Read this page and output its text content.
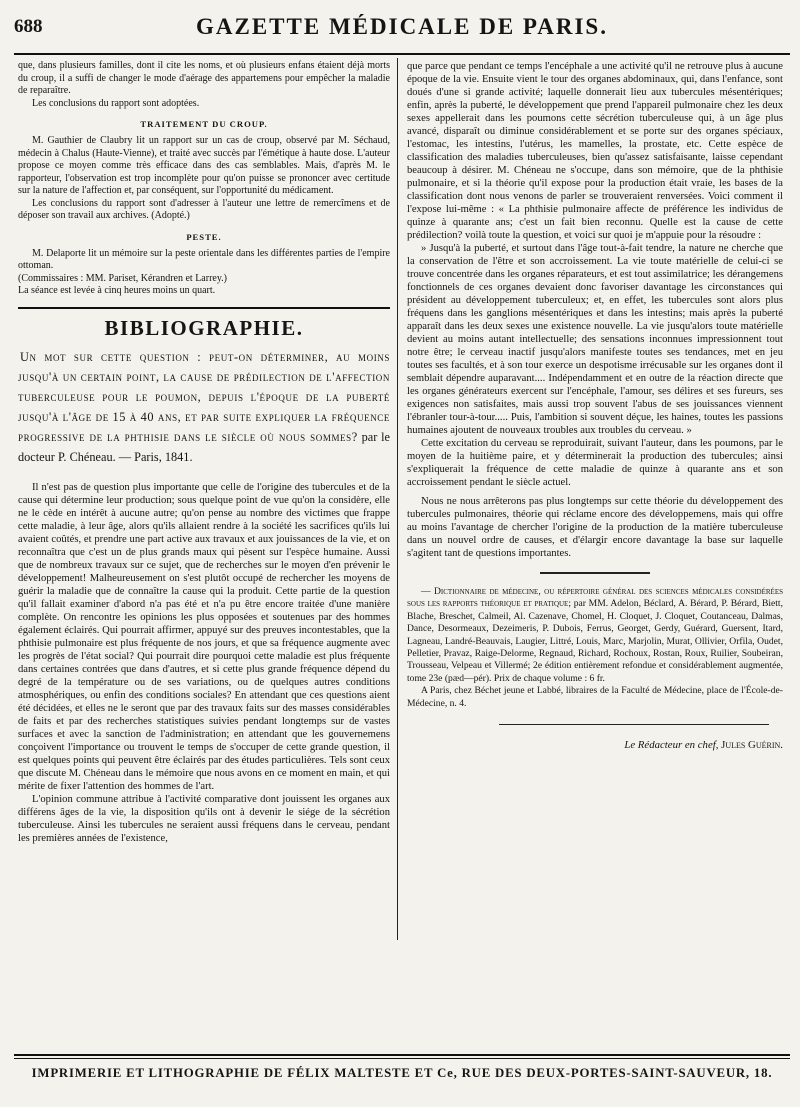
688	GAZETTE MÉDICALE DE PARIS.

que, dans plusieurs familles, dont il cite les noms, et où plusieurs enfans étaient déjà morts du croup, il a suffi de changer le mode d'aérage des appartemens pour empêcher la maladie de reparaître.

Les conclusions du rapport sont adoptées.

TRAITEMENT DU CROUP.

M. Gauthier de Claubry lit un rapport sur un cas de croup, observé par M. Séchaud, médecin à Chalus (Haute-Vienne), et traité avec succès par l'émétique à haute dose. L'auteur propose ce moyen comme très efficace dans des cas semblables. Mais, d'après M. le rapporteur, l'observation est trop incomplète pour qu'on puisse se prononcer avec certitude sur la nature de l'affection et, par conséquent, sur l'opportunité du médicament.

Les conclusions du rapport sont d'adresser à l'auteur une lettre de remercîmens et de déposer son travail aux archives. (Adopté.)

PESTE.

M. Delaporte lit un mémoire sur la peste orientale dans les différentes parties de l'empire ottoman.

(Commissaires : MM. Pariset, Kérandren et Larrey.)

La séance est levée à cinq heures moins un quart.

BIBLIOGRAPHIE.
Un mot sur cette question : peut-on déterminer, au moins jusqu'à un certain point, la cause de prédilection de l'affection tuberculeuse pour le poumon, depuis l'époque de la puberté jusqu'à l'âge de 15 à 40 ans, et par suite expliquer la fréquence progressive de la phthisie dans le siècle où nous sommes? par le docteur P. Chéneau. — Paris, 1841.

Il n'est pas de question plus importante que celle de l'origine des tubercules et de la cause qui détermine leur production; sous quelque point de vue qu'on la considère, elle ne le cède en intérêt à aucune autre; qu'on pense au nombre des victimes que frappe cette maladie, à leur âge, alors qu'ils allaient rendre à la société les sacrifices qu'ils lui avaient coûtés, et prendre une part active aux travaux et aux jouissances de la vie, et on reconnaîtra que c'est un de plus grands maux qui pèsent sur l'espèce humaine. Aussi que de nombreux travaux sur ce sujet, que de recherches sur le moyen d'en prévenir le développement! Malheureusement on s'est plutôt occupé de rechercher les moyens de guérir la maladie que de connaître la cause qui la produit. Cette partie de la question qu'il fallait examiner d'abord n'a pas été et n'a pu être encore traitée d'une manière complète. On rencontre les opinions les plus opposées et soutenues par des hommes également éclairés. Qui pourrait affirmer, appuyé sur des preuves incontestables, que la phthisie pulmonaire est plus fréquente de nos jours, et que sa fréquence augmente avec les progrès de l'état social? Qui pourrait dire pourquoi cette maladie est plus fréquente dans certaines contrées que dans d'autres, et si cette plus grande fréquence dépend du degré de la température ou de ses variations, ou de quelques autres conditions atmosphériques, ou enfin des conditions sociales? En attendant que ces questions aient été décidées, et elles ne le seront que par des travaux faits sur des masses considérables de faits et par des recherches statistiques suivies pendant longtemps sur de vastes surfaces et avec la sanction de l'administration; en attendant que les gouvernemens conçoivent l'importance ou trouvent le temps de s'occuper de cette grande question, il est quelques points qui peuvent être éclairés par des études particulières. Tels sont ceux que discute M. Chéneau dans le mémoire que nous avons en ce moment en main, et qui mérite de fixer l'attention des hommes de l'art.

L'opinion commune attribue à l'activité comparative dont jouissent les organes aux différens âges de la vie, la disposition qu'ils ont à devenir le siége de la sécrétion tuberculeuse. Ainsi les tubercules ne seraient aussi fréquens dans le cerveau, pendant les premières années de l'existence,

que parce que pendant ce temps l'encéphale a une activité qu'il ne retrouve plus à aucune époque de la vie. Ensuite vient le tour des organes abdominaux, qui, dans l'enfance, sont doués d'une si grande activité; laquelle donnerait lieu aux tubercules mésentériques; enfin, après la puberté, le développement que prend l'appareil pulmonaire chez les deux sexes appellerait dans les poumons cette sécrétion tuberculeuse qui, à un âge plus avancé, disparaît ou diminue considérablement et se porte sur des organes spéciaux, l'estomac, les intestins, l'utérus, les mamelles, la prostate, etc. Cette espèce de classification des maladies tuberculeuses, bien qu'assez satisfaisante, laisse cependant beaucoup à désirer. M. Chéneau ne s'occupe, dans son mémoire, que de la phthisie pulmonaire, et si la théorie qu'il expose pour la production était vraie, les bases de la classification dont nous venons de parler se trouveraient renversées. Voici comment il l'expose lui-même : « La phthisie pulmonaire affecte de préférence les individus de quinze à quarante ans; c'est un fait bien reconnu. Quelle est la cause de cette prédilection? voilà toute la question, et voici sur quoi je m'appuie pour la résoudre :

» Jusqu'à la puberté, et surtout dans l'âge tout-à-fait tendre, la nature ne cherche que la conservation de l'être et son accroissement. La vie toute matérielle de celui-ci se trouve concentrée dans les organes réparateurs, et est tout assimilatrice; les dérangemens fonctionnels de ces organes devaient donc favoriser davantage les circonstances qui président au développement tuberculeux; et, en effet, les tubercules sont alors plus fréquens dans les ganglions mésentériques et dans les intestins; mais après la puberté apparaît dans les deux sexes une existence nouvelle. La vie jusqu'alors toute matérielle devient au moins autant intellectuelle; des sensations inconnues impressionnent tout notre être; le cerveau inactif jusqu'alors manifeste toutes ses tendances, met en jeu toutes ses facultés, et à son tour exerce un despotisme irrécusable sur les organes dont il semblait dépendre auparavant.... Indépendamment et en outre de la réaction directe que les organes générateurs exercent sur l'encéphale, l'amour, ses délires et ses fureurs, ses exigences non satisfaites, mais aussi trop souvent l'abus de ses jouissances viennent l'ébranler tour-à-tour..... Puis, l'ambition si souvent déçue, les haines, toutes les passions humaines ajoutent de nouveaux troubles aux troubles du cerveau. »

Cette excitation du cerveau se reproduirait, suivant l'auteur, dans les poumons, par le moyen de la huitième paire, et y déterminerait la production des tubercules; ainsi s'expliquerait la fréquence de cette maladie de quinze à quarante ans et son accroissement pendant le siècle actuel.

Nous ne nous arrêterons pas plus longtemps sur cette théorie du développement des tubercules pulmonaires, théorie qui réclame encore des développemens, mais qui offre au moins l'avantage de chercher l'origine de la production de la matière tuberculeuse dans un nouvel ordre de causes, et d'élargir encore davantage la base sur laquelle s'agitent tant de questions importantes.

— Dictionnaire de médecine, ou répertoire général des sciences médicales considérées sous les rapports théorique et pratique; par MM. Adelon, Béclard, A. Bérard, P. Bérard, Biett, Blache, Breschet, Calmeil, Al. Cazenave, Chomel, H. Cloquet, J. Cloquet, Coutanceau, Dalmas, Dance, Desormeaux, Dezeimeris, P. Dubois, Ferrus, Georget, Gerdy, Guérard, Guersent, Itard, Lagneau, Landré-Beauvais, Laugier, Littré, Louis, Marc, Marjolin, Murat, Ollivier, Orfila, Oudet, Pelletier, Pravaz, Raige-Delorme, Regnaud, Richard, Rochoux, Rostan, Roux, Ruilier, Soubeiran, Trousseau, Velpeau et Villermé; 2e édition entièrement refondue et considérablement augmentée, tome 23e (pæd—pér). Prix de chaque volume : 6 fr.

A Paris, chez Béchet jeune et Labbé, libraires de la Faculté de Médecine, place de l'École-de-Médecine, n. 4.

Le Rédacteur en chef, Jules Guérin.
IMPRIMERIE ET LITHOGRAPHIE DE FÉLIX MALTESTE ET Ce, RUE DES DEUX-PORTES-SAINT-SAUVEUR, 18.
